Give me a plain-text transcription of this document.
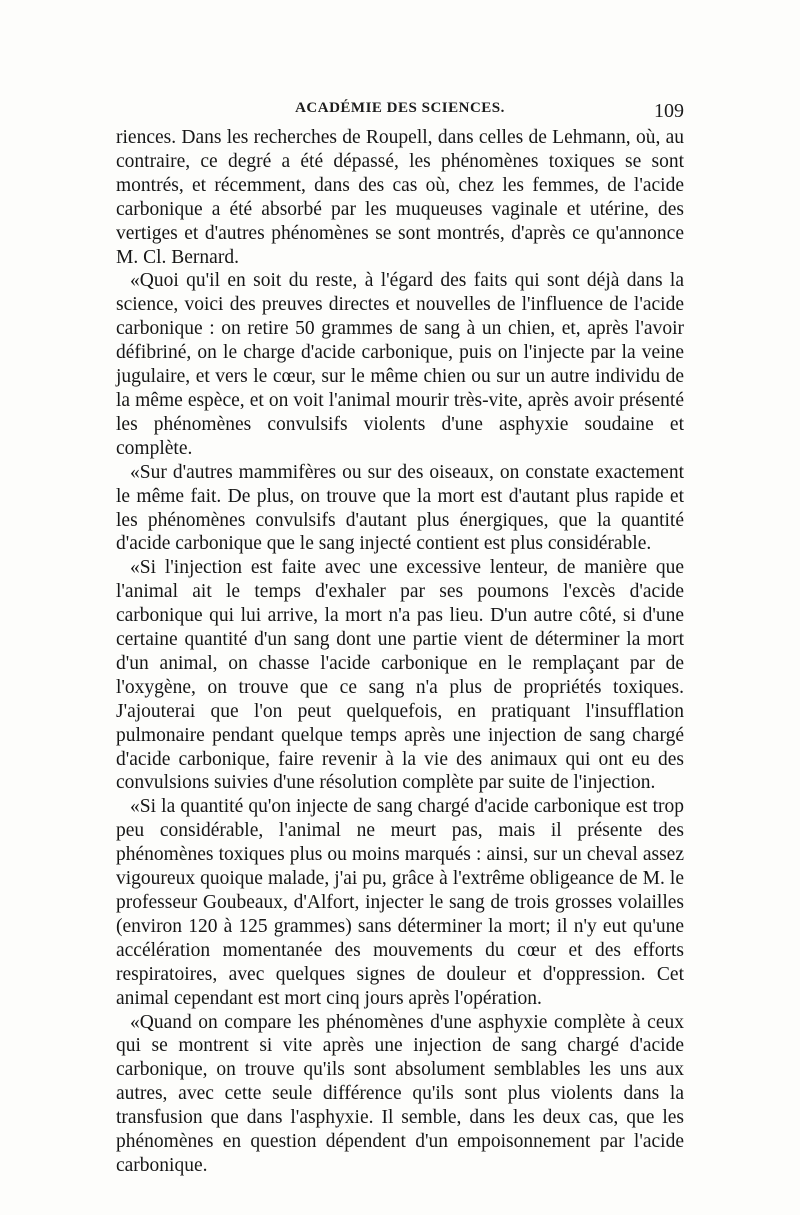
ACADÉMIE DES SCIENCES.	109

riences. Dans les recherches de Roupell, dans celles de Lehmann, où, au contraire, ce degré a été dépassé, les phénomènes toxiques se sont montrés, et récemment, dans des cas où, chez les femmes, de l'acide carbonique a été absorbé par les muqueuses vaginale et utérine, des vertiges et d'autres phénomènes se sont montrés, d'après ce qu'annonce M. Cl. Bernard.

«Quoi qu'il en soit du reste, à l'égard des faits qui sont déjà dans la science, voici des preuves directes et nouvelles de l'influence de l'acide carbonique : on retire 50 grammes de sang à un chien, et, après l'avoir défibriné, on le charge d'acide carbonique, puis on l'injecte par la veine jugulaire, et vers le cœur, sur le même chien ou sur un autre individu de la même espèce, et on voit l'animal mourir très-vite, après avoir présenté les phénomènes convulsifs violents d'une asphyxie soudaine et complète.

«Sur d'autres mammifères ou sur des oiseaux, on constate exactement le même fait. De plus, on trouve que la mort est d'autant plus rapide et les phénomènes convulsifs d'autant plus énergiques, que la quantité d'acide carbonique que le sang injecté contient est plus considérable.

«Si l'injection est faite avec une excessive lenteur, de manière que l'animal ait le temps d'exhaler par ses poumons l'excès d'acide carbonique qui lui arrive, la mort n'a pas lieu. D'un autre côté, si d'une certaine quantité d'un sang dont une partie vient de déterminer la mort d'un animal, on chasse l'acide carbonique en le remplaçant par de l'oxygène, on trouve que ce sang n'a plus de propriétés toxiques. J'ajouterai que l'on peut quelquefois, en pratiquant l'insufflation pulmonaire pendant quelque temps après une injection de sang chargé d'acide carbonique, faire revenir à la vie des animaux qui ont eu des convulsions suivies d'une résolution complète par suite de l'injection.

«Si la quantité qu'on injecte de sang chargé d'acide carbonique est trop peu considérable, l'animal ne meurt pas, mais il présente des phénomènes toxiques plus ou moins marqués : ainsi, sur un cheval assez vigoureux quoique malade, j'ai pu, grâce à l'extrême obligeance de M. le professeur Goubeaux, d'Alfort, injecter le sang de trois grosses volailles (environ 120 à 125 grammes) sans déterminer la mort; il n'y eut qu'une accélération momentanée des mouvements du cœur et des efforts respiratoires, avec quelques signes de douleur et d'oppression. Cet animal cependant est mort cinq jours après l'opération.

«Quand on compare les phénomènes d'une asphyxie complète à ceux qui se montrent si vite après une injection de sang chargé d'acide carbonique, on trouve qu'ils sont absolument semblables les uns aux autres, avec cette seule différence qu'ils sont plus violents dans la transfusion que dans l'asphyxie. Il semble, dans les deux cas, que les phénomènes en question dépendent d'un empoisonnement par l'acide carbonique.
